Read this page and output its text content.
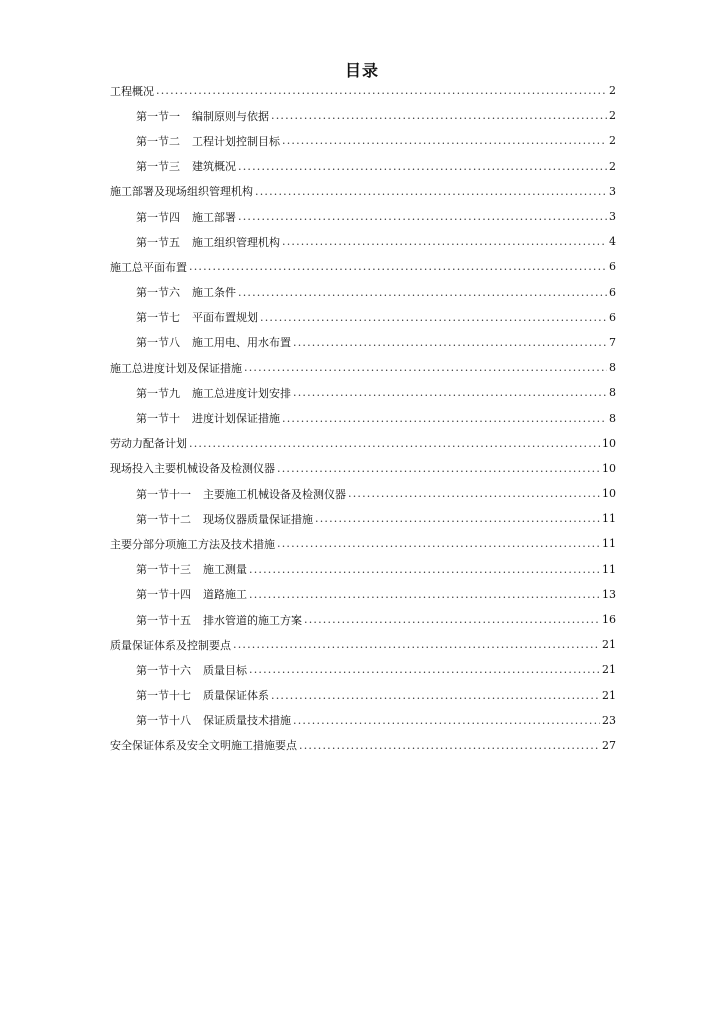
目录
工程概况 .....	2
第一节一 编制原则与依据 .....	2
第一节二 工程计划控制目标 .....	2
第一节三 建筑概况 .....	2
施工部署及现场组织管理机构 .....	3
第一节四 施工部署 .....	3
第一节五 施工组织管理机构 .....	4
施工总平面布置 .....	6
第一节六 施工条件 .....	6
第一节七 平面布置规划 .....	6
第一节八 施工用电、用水布置 .....	7
施工总进度计划及保证措施 .....	8
第一节九 施工总进度计划安排 .....	8
第一节十 进度计划保证措施 .....	8
劳动力配备计划 .....	10
现场投入主要机械设备及检测仪器 .....	10
第一节十一 主要施工机械设备及检测仪器 .....	10
第一节十二 现场仪器质量保证措施 .....	11
主要分部分项施工方法及技术措施 .....	11
第一节十三 施工测量 .....	11
第一节十四 道路施工 .....	13
第一节十五 排水管道的施工方案 .....	16
质量保证体系及控制要点 .....	21
第一节十六 质量目标 .....	21
第一节十七 质量保证体系 .....	21
第一节十八 保证质量技术措施 .....	23
安全保证体系及安全文明施工措施要点 .....	27
